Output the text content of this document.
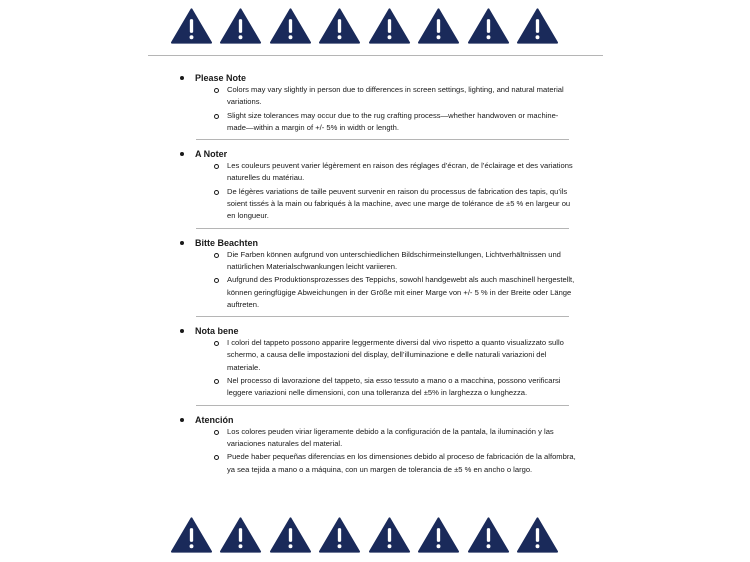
Please Note

Colors may vary slightly in person due to differences in screen settings, lighting, and natural material variations.
Slight size tolerances may occur due to the rug crafting process—whether handwoven or machine-made—within a margin of +/- 5% in width or length.

A Noter

Les couleurs peuvent varier légèrement en raison des réglages d’écran, de l’éclairage et des variations naturelles du matériau.
De légères variations de taille peuvent survenir en raison du processus de fabrication des tapis, qu’ils soient tissés à la main ou fabriqués à la machine, avec une marge de tolérance de ±5 % en largeur ou en longueur.

Bitte Beachten

Die Farben können aufgrund von unterschiedlichen Bildschirmeinstellungen, Lichtverhältnissen und natürlichen Materialschwankungen leicht variieren.
Aufgrund des Produktionsprozesses des Teppichs, sowohl handgewebt als auch maschinell hergestellt, können geringfügige Abweichungen in der Größe mit einer Marge von +/- 5 % in der Breite oder Länge auftreten.

Nota bene

I colori del tappeto possono apparire leggermente diversi dal vivo rispetto a quanto visualizzato sullo schermo, a causa delle impostazioni del display, dell’illuminazione e delle naturali variazioni del materiale.
Nel processo di lavorazione del tappeto, sia esso tessuto a mano o a macchina, possono verificarsi leggere variazioni nelle dimensioni, con una tolleranza del ±5% in larghezza o lunghezza.

Atención

Los colores peuden viriar ligeramente debido a la configuración de la pantala, la iluminación y las variaciones naturales del material.
Puede haber pequeñas diferencias en los dimensiones debido al proceso de fabricación de la alfombra, ya sea tejida a mano o a máquina, con un margen de tolerancia de ±5 % en ancho o largo.
